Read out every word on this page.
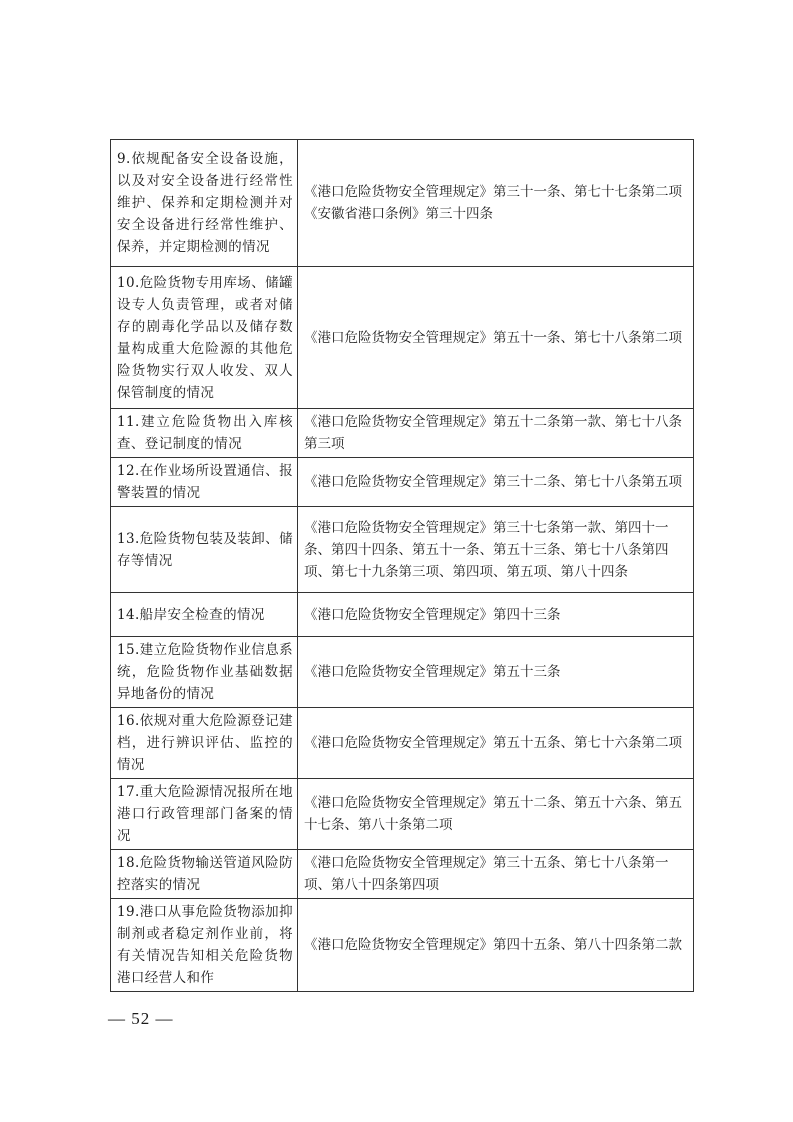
9.依规配备安全设备设施，以及对安全设备进行经常性维护、保养和定期检测并对安全设备进行经常性维护、保养，并定期检测的情况	《港口危险货物安全管理规定》第三十一条、第七十七条第二项
《安徽省港口条例》第三十四条

10.危险货物专用库场、储罐设专人负责管理，或者对储存的剧毒化学品以及储存数量构成重大危险源的其他危险货物实行双人收发、双人保管制度的情况	《港口危险货物安全管理规定》第五十一条、第七十八条第二项

11.建立危险货物出入库核查、登记制度的情况	《港口危险货物安全管理规定》第五十二条第一款、第七十八条第三项

12.在作业场所设置通信、报警装置的情况	《港口危险货物安全管理规定》第三十二条、第七十八条第五项

13.危险货物包装及装卸、储存等情况	《港口危险货物安全管理规定》第三十七条第一款、第四十一条、第四十四条、第五十一条、第五十三条、第七十八条第四项、第七十九条第三项、第四项、第五项、第八十四条

14.船岸安全检查的情况	《港口危险货物安全管理规定》第四十三条

15.建立危险货物作业信息系统，危险货物作业基础数据异地备份的情况	《港口危险货物安全管理规定》第五十三条

16.依规对重大危险源登记建档，进行辨识评估、监控的情况	《港口危险货物安全管理规定》第五十五条、第七十六条第二项

17.重大危险源情况报所在地港口行政管理部门备案的情况	《港口危险货物安全管理规定》第五十二条、第五十六条、第五十七条、第八十条第二项

18.危险货物输送管道风险防控落实的情况	《港口危险货物安全管理规定》第三十五条、第七十八条第一项、第八十四条第四项

19.港口从事危险货物添加抑制剂或者稳定剂作业前，将有关情况告知相关危险货物港口经营人和作	《港口危险货物安全管理规定》第四十五条、第八十四条第二款
— 52 —
